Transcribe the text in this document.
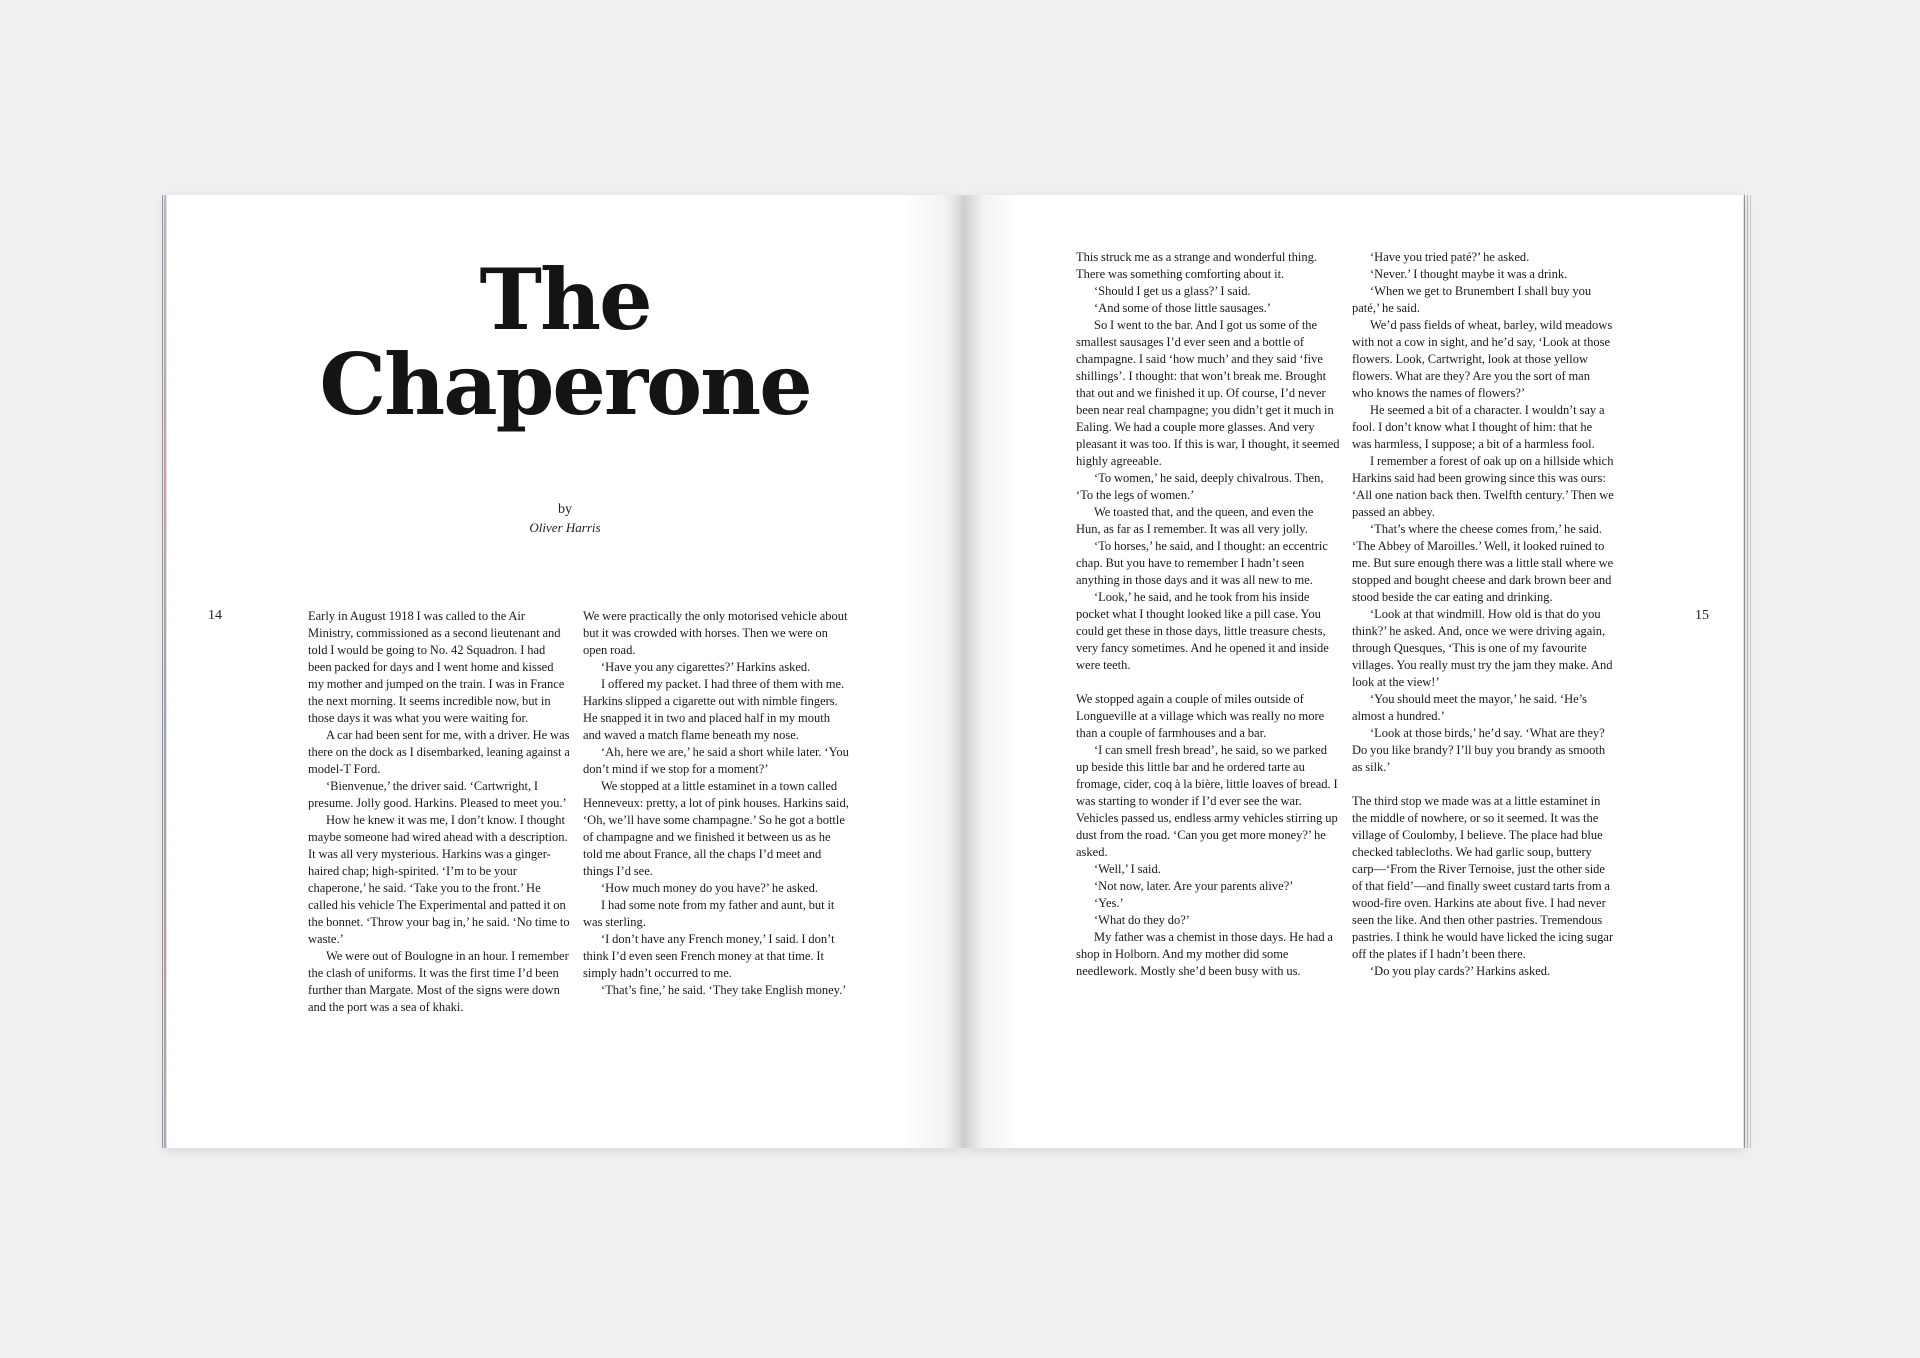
The
Chaperone
by
Oliver Harris
14	Early in August 1918 I was called to the Air Ministry, commissioned as a second lieutenant and told I would be going to No. 42 Squadron. I had been packed for days and I went home and kissed my mother and jumped on the train. I was in France the next morning. It seems incredible now, but in those days it was what you were waiting for.

A car had been sent for me, with a driver. He was there on the dock as I disembarked, leaning against a model-T Ford.

‘Bienvenue,’ the driver said. ‘Cartwright, I presume. Jolly good. Harkins. Pleased to meet you.’

How he knew it was me, I don’t know. I thought maybe someone had wired ahead with a description. It was all very mysterious. Harkins was a ginger-haired chap; high-spirited. ‘I’m to be your chaperone,’ he said. ‘Take you to the front.’ He called his vehicle The Experimental and patted it on the bonnet. ‘Throw your bag in,’ he said. ‘No time to waste.’

We were out of Boulogne in an hour. I remember the clash of uniforms. It was the first time I’d been further than Margate. Most of the signs were down and the port was a sea of khaki.

We were practically the only motorised vehicle about but it was crowded with horses. Then we were on open road.

‘Have you any cigarettes?’ Harkins asked.

I offered my packet. I had three of them with me. Harkins slipped a cigarette out with nimble fingers. He snapped it in two and placed half in my mouth and waved a match flame beneath my nose.

‘Ah, here we are,’ he said a short while later. ‘You don’t mind if we stop for a moment?’

We stopped at a little estaminet in a town called Henneveux: pretty, a lot of pink houses. Harkins said, ‘Oh, we’ll have some champagne.’ So he got a bottle of champagne and we finished it between us as he told me about France, all the chaps I’d meet and things I’d see.

‘How much money do you have?’ he asked.

I had some note from my father and aunt, but it was sterling.

‘I don’t have any French money,’ I said. I don’t think I’d even seen French money at that time. It simply hadn’t occurred to me.

‘That’s fine,’ he said. ‘They take English money.’

15

This struck me as a strange and wonderful thing. There was something comforting about it.

‘Should I get us a glass?’ I said.

‘And some of those little sausages.’

So I went to the bar. And I got us some of the smallest sausages I’d ever seen and a bottle of champagne. I said ‘how much’ and they said ‘five shillings’. I thought: that won’t break me. Brought that out and we finished it up. Of course, I’d never been near real champagne; you didn’t get it much in Ealing. We had a couple more glasses. And very pleasant it was too. If this is war, I thought, it seemed highly agreeable.

‘To women,’ he said, deeply chivalrous. Then, ‘To the legs of women.’

We toasted that, and the queen, and even the Hun, as far as I remember. It was all very jolly.

‘To horses,’ he said, and I thought: an eccentric chap. But you have to remember I hadn’t seen anything in those days and it was all new to me.

‘Look,’ he said, and he took from his inside pocket what I thought looked like a pill case. You could get these in those days, little treasure chests, very fancy sometimes. And he opened it and inside were teeth.

We stopped again a couple of miles outside of Longueville at a village which was really no more than a couple of farmhouses and a bar.

‘I can smell fresh bread’, he said, so we parked up beside this little bar and he ordered tarte au fromage, cider, coq à la bière, little loaves of bread. I was starting to wonder if I’d ever see the war. Vehicles passed us, endless army vehicles stirring up dust from the road. ‘Can you get more money?’ he asked.

‘Well,’ I said.

‘Not now, later. Are your parents alive?’

‘Yes.’

‘What do they do?’

My father was a chemist in those days. He had a shop in Holborn. And my mother did some needlework. Mostly she’d been busy with us.

‘Have you tried paté?’ he asked.

‘Never.’ I thought maybe it was a drink.

‘When we get to Brunembert I shall buy you paté,’ he said.

We’d pass fields of wheat, barley, wild meadows with not a cow in sight, and he’d say, ‘Look at those flowers. Look, Cartwright, look at those yellow flowers. What are they? Are you the sort of man who knows the names of flowers?’

He seemed a bit of a character. I wouldn’t say a fool. I don’t know what I thought of him: that he was harmless, I suppose; a bit of a harmless fool.

I remember a forest of oak up on a hillside which Harkins said had been growing since this was ours: ‘All one nation back then. Twelfth century.’ Then we passed an abbey.

‘That’s where the cheese comes from,’ he said. ‘The Abbey of Maroilles.’ Well, it looked ruined to me. But sure enough there was a little stall where we stopped and bought cheese and dark brown beer and stood beside the car eating and drinking.

‘Look at that windmill. How old is that do you think?’ he asked. And, once we were driving again, through Quesques, ‘This is one of my favourite villages. You really must try the jam they make. And look at the view!’

‘You should meet the mayor,’ he said. ‘He’s almost a hundred.’

‘Look at those birds,’ he’d say. ‘What are they? Do you like brandy? I’ll buy you brandy as smooth as silk.’

The third stop we made was at a little estaminet in the middle of nowhere, or so it seemed. It was the village of Coulomby, I believe. The place had blue checked tablecloths. We had garlic soup, buttery carp—‘From the River Ternoise, just the other side of that field’—and finally sweet custard tarts from a wood-fire oven. Harkins ate about five. I had never seen the like. And then other pastries. Tremendous pastries. I think he would have licked the icing sugar off the plates if I hadn’t been there.

‘Do you play cards?’ Harkins asked.
